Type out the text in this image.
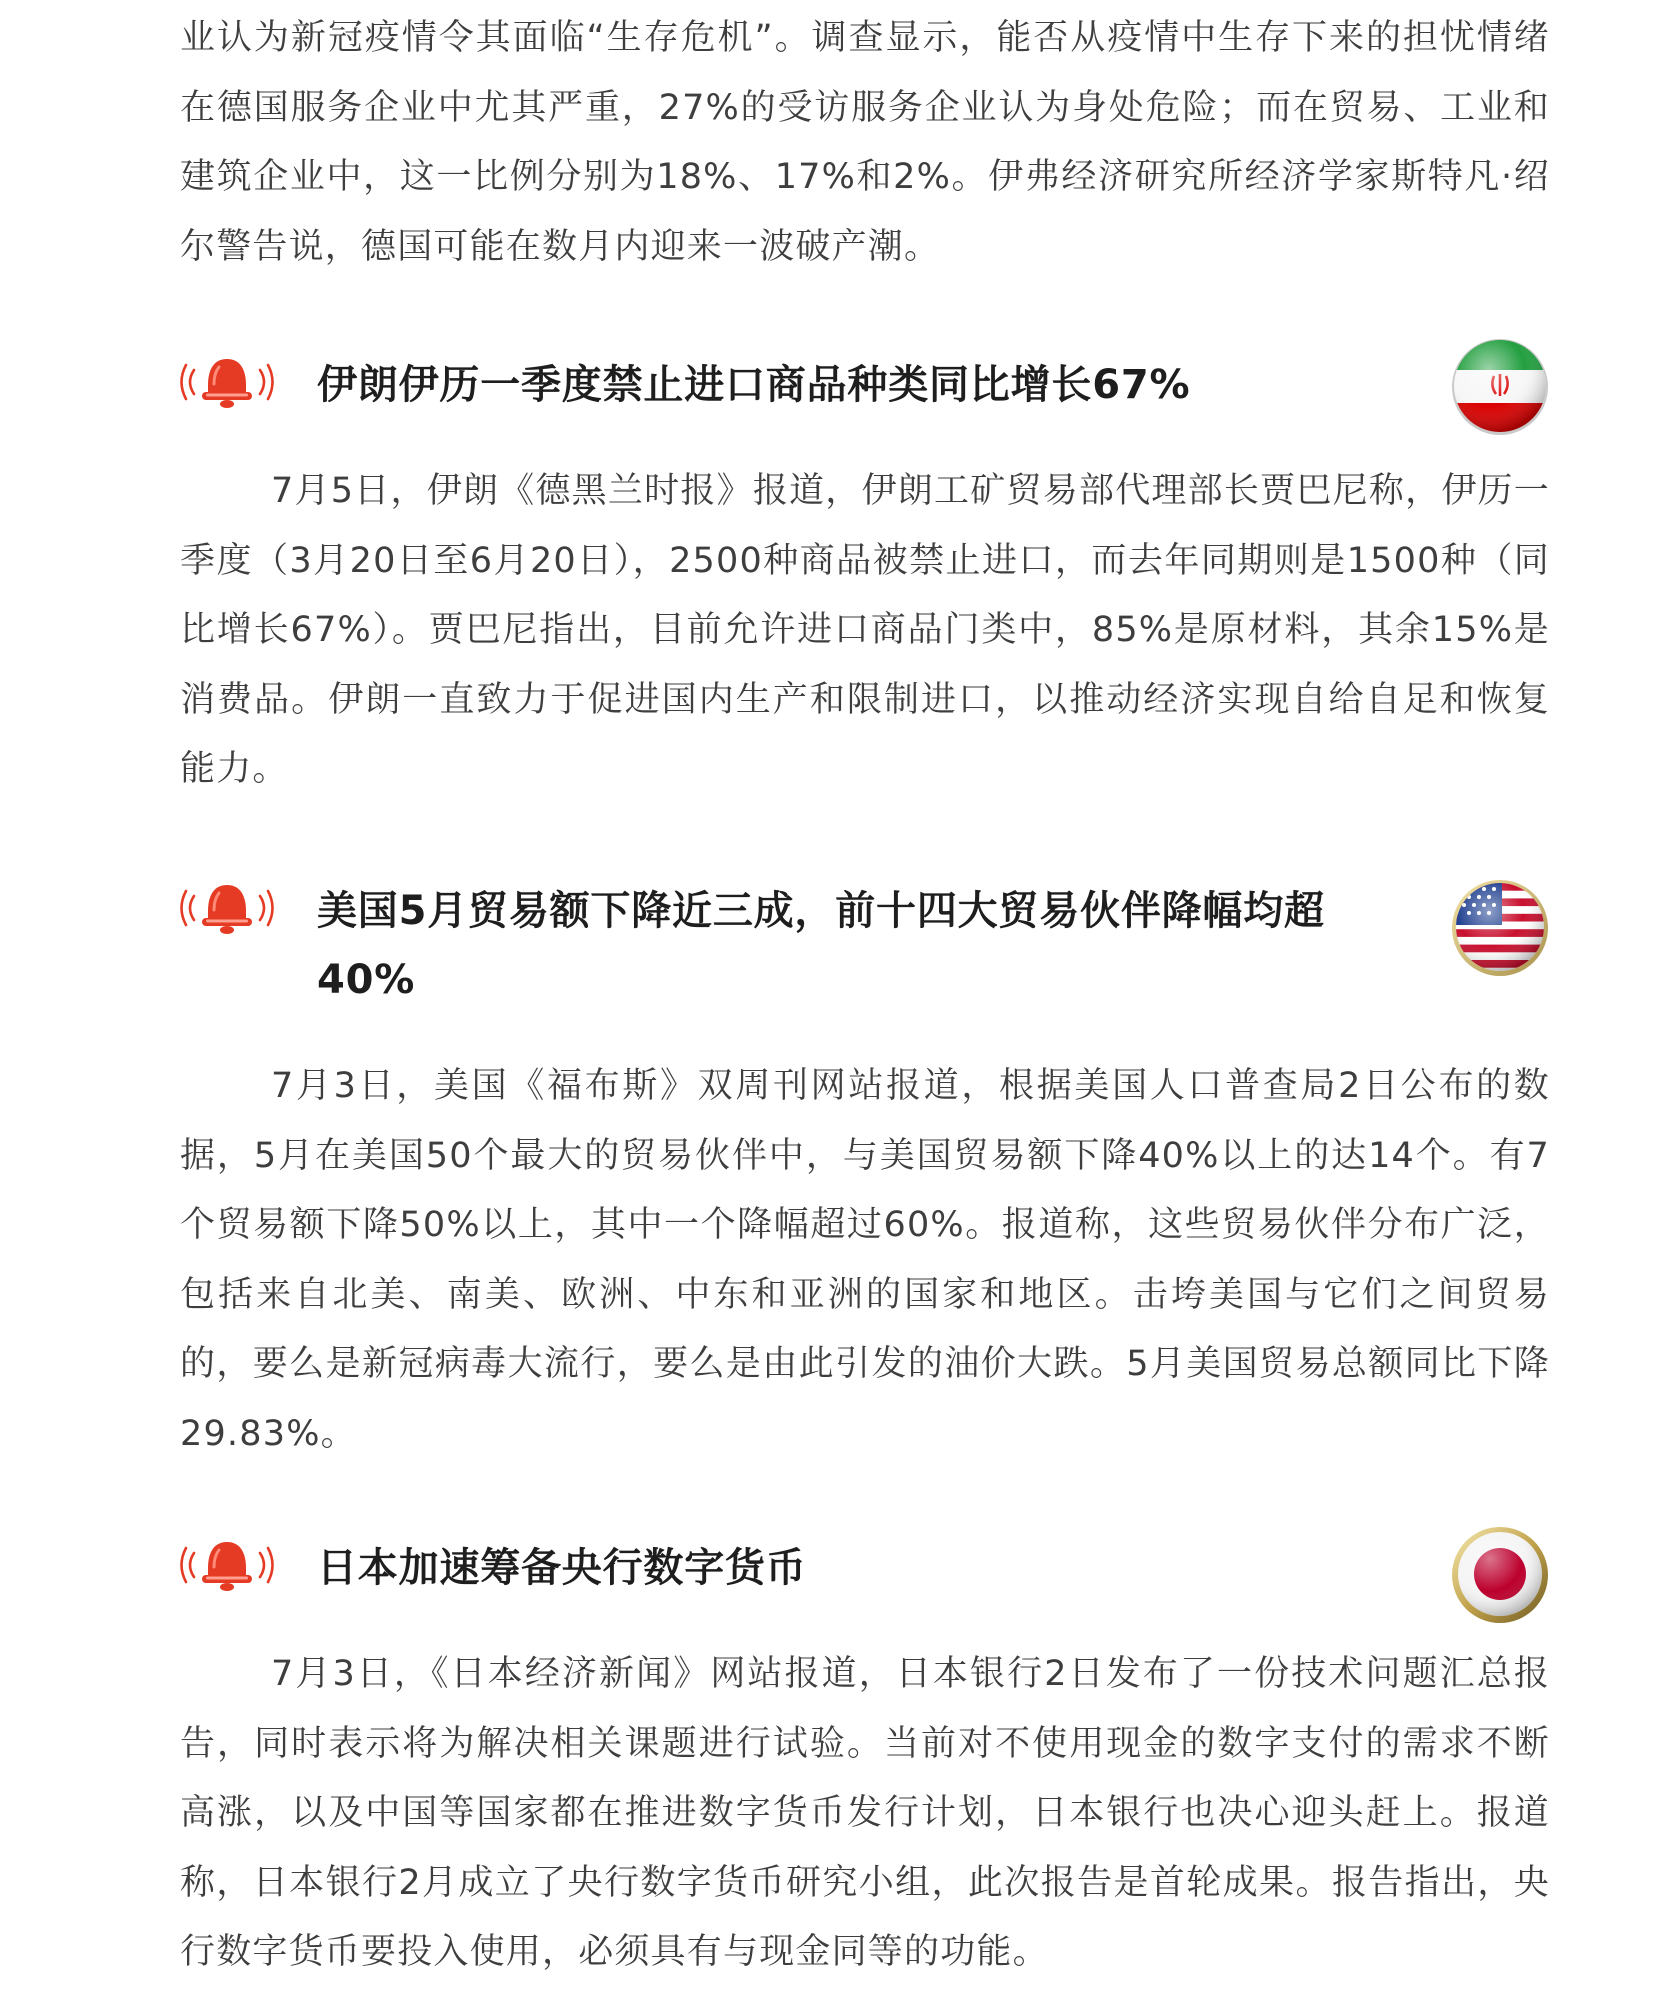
业认为新冠疫情令其面临“生存危机”。调查显示，能否从疫情中生存下来的担忧情绪在德国服务企业中尤其严重，27%的受访服务企业认为身处危险；而在贸易、工业和建筑企业中，这一比例分别为18%、17%和2%。伊弗经济研究所经济学家斯特凡·绍尔警告说，德国可能在数月内迎来一波破产潮。

伊朗伊历一季度禁止进口商品种类同比增长67%

7月5日，伊朗《德黑兰时报》报道，伊朗工矿贸易部代理部长贾巴尼称，伊历一季度（3月20日至6月20日），2500种商品被禁止进口，而去年同期则是1500种（同比增长67%）。贾巴尼指出，目前允许进口商品门类中，85%是原材料，其余15%是消费品。伊朗一直致力于促进国内生产和限制进口，以推动经济实现自给自足和恢复能力。

美国5月贸易额下降近三成，前十四大贸易伙伴降幅均超40%

7月3日，美国《福布斯》双周刊网站报道，根据美国人口普查局2日公布的数据，5月在美国50个最大的贸易伙伴中，与美国贸易额下降40%以上的达14个。有7个贸易额下降50%以上，其中一个降幅超过60%。报道称，这些贸易伙伴分布广泛，包括来自北美、南美、欧洲、中东和亚洲的国家和地区。击垮美国与它们之间贸易的，要么是新冠病毒大流行，要么是由此引发的油价大跌。5月美国贸易总额同比下降29.83%。

日本加速筹备央行数字货币

7月3日，《日本经济新闻》网站报道，日本银行2日发布了一份技术问题汇总报告，同时表示将为解决相关课题进行试验。当前对不使用现金的数字支付的需求不断高涨，以及中国等国家都在推进数字货币发行计划，日本银行也决心迎头赶上。报道称，日本银行2月成立了央行数字货币研究小组，此次报告是首轮成果。报告指出，央行数字货币要投入使用，必须具有与现金同等的功能。
